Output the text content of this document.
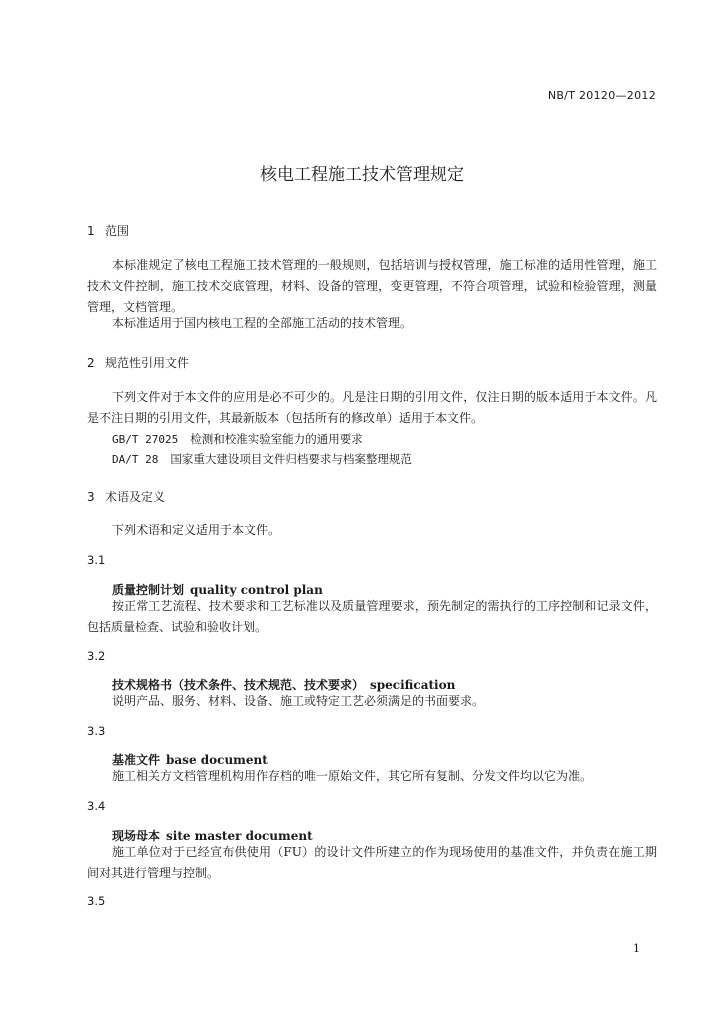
NB/T 20120—2012
核电工程施工技术管理规定
1 范围

本标准规定了核电工程施工技术管理的一般规则，包括培训与授权管理，施工标准的适用性管理，施工技术文件控制，施工技术交底管理，材料、设备的管理，变更管理，不符合项管理，试验和检验管理，测量管理，文档管理。

本标准适用于国内核电工程的全部施工活动的技术管理。

2 规范性引用文件

下列文件对于本文件的应用是必不可少的。凡是注日期的引用文件，仅注日期的版本适用于本文件。凡是不注日期的引用文件，其最新版本（包括所有的修改单）适用于本文件。

GB/T 27025 检测和校准实验室能力的通用要求
DA/T 28 国家重大建设项目文件归档要求与档案整理规范
3 术语及定义

下列术语和定义适用于本文件。

3.1
质量控制计划 quality control plan

按正常工艺流程、技术要求和工艺标准以及质量管理要求，预先制定的需执行的工序控制和记录文件，包括质量检查、试验和验收计划。

3.2
技术规格书（技术条件、技术规范、技术要求） specification

说明产品、服务、材料、设备、施工或特定工艺必须满足的书面要求。

3.3
基准文件 base document

施工相关方文档管理机构用作存档的唯一原始文件，其它所有复制、分发文件均以它为准。

3.4
现场母本 site master document

施工单位对于已经宣布供使用（FU）的设计文件所建立的作为现场使用的基准文件，并负责在施工期间对其进行管理与控制。

3.5
1
